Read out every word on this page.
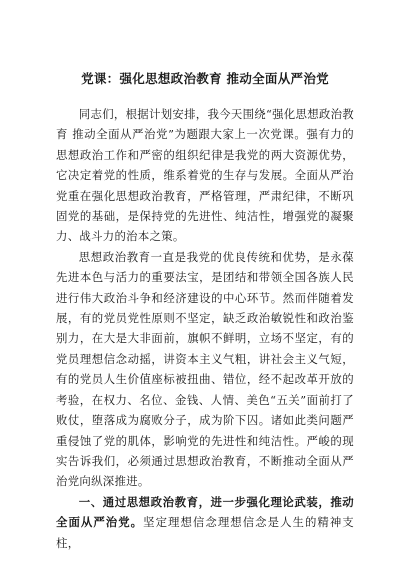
党课：强化思想政治教育 推动全面从严治党

同志们，根据计划安排，我今天围绕“强化思想政治教育 推动全面从严治党”为题跟大家上一次党课。强有力的思想政治工作和严密的组织纪律是我党的两大资源优势，它决定着党的性质，维系着党的生存与发展。全面从严治党重在强化思想政治教育，严格管理，严肃纪律，不断巩固党的基础，是保持党的先进性、纯洁性，增强党的凝聚力、战斗力的治本之策。

思想政治教育一直是我党的优良传统和优势，是永葆先进本色与活力的重要法宝，是团结和带领全国各族人民进行伟大政治斗争和经济建设的中心环节。然而伴随着发展，有的党员党性原则不坚定，缺乏政治敏锐性和政治鉴别力，在大是大非面前，旗帜不鲜明，立场不坚定，有的党员理想信念动摇，讲资本主义气粗，讲社会主义气短，有的党员人生价值座标被扭曲、错位，经不起改革开放的考验，在权力、名位、金钱、人情、美色“五关”面前打了败仗，堕落成为腐败分子，成为阶下囚。诸如此类问题严重侵蚀了党的肌体，影响党的先进性和纯洁性。严峻的现实告诉我们，必须通过思想政治教育，不断推动全面从严治党向纵深推进。

一、通过思想政治教育，进一步强化理论武装，推动全面从严治党。坚定理想信念理想信念是人生的精神支柱，
